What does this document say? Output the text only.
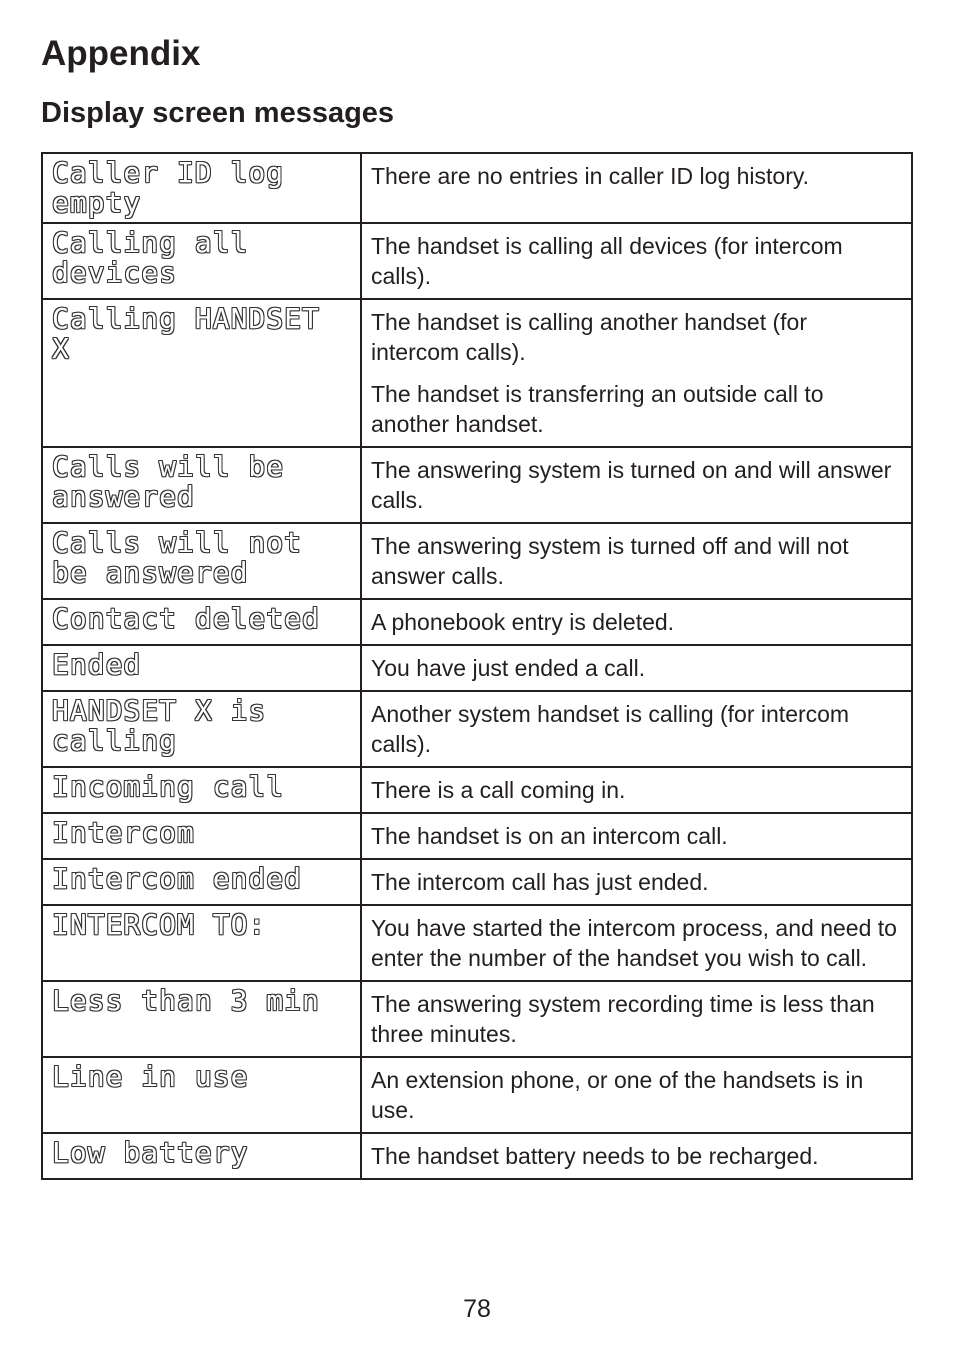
Appendix
Display screen messages
Caller ID log empty	There are no entries in caller ID log history.

Calling all devices	The handset is calling all devices (for intercom calls).

Calling HANDSET X	The handset is calling another handset (for intercom calls).
The handset is transferring an outside call to another handset.

Calls will be answered	The answering system is turned on and will answer calls.

Calls will not be answered	The answering system is turned off and will not answer calls.

Contact deleted	A phonebook entry is deleted.

Ended	You have just ended a call.

HANDSET X is calling	Another system handset is calling (for intercom calls).

Incoming call	There is a call coming in.

Intercom	The handset is on an intercom call.

Intercom ended	The intercom call has just ended.

INTERCOM TO:	You have started the intercom process, and need to enter the number of the handset you wish to call.

Less than 3 min	The answering system recording time is less than three minutes.

Line in use	An extension phone, or one of the handsets is in use.

Low battery	The handset battery needs to be recharged.
78
